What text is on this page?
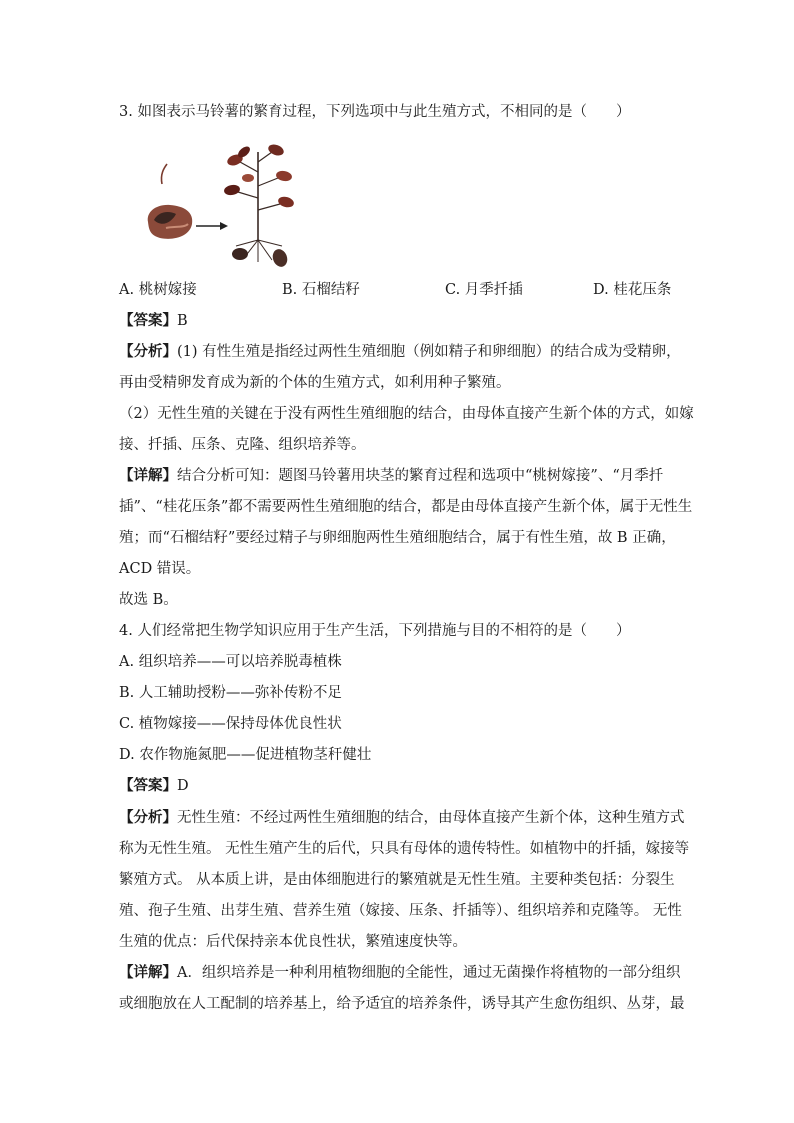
3. 如图表示马铃薯的繁育过程，下列选项中与此生殖方式，不相同的是（　　）
A. 桃树嫁接	B. 石榴结籽	C. 月季扦插	D. 桂花压条
【答案】B
【分析】(1) 有性生殖是指经过两性生殖细胞（例如精子和卵细胞）的结合成为受精卵，
再由受精卵发育成为新的个体的生殖方式，如利用种子繁殖。
（2）无性生殖的关键在于没有两性生殖细胞的结合，由母体直接产生新个体的方式，如嫁
接、扦插、压条、克隆、组织培养等。
【详解】结合分析可知：题图马铃薯用块茎的繁育过程和选项中“桃树嫁接”、“月季扦
插”、“桂花压条”都不需要两性生殖细胞的结合，都是由母体直接产生新个体，属于无性生
殖；而“石榴结籽”要经过精子与卵细胞两性生殖细胞结合，属于有性生殖，故 B 正确，
ACD 错误。
故选 B。
4. 人们经常把生物学知识应用于生产生活，下列措施与目的不相符的是（　　）
A. 组织培养——可以培养脱毒植株
B. 人工辅助授粉——弥补传粉不足
C. 植物嫁接——保持母体优良性状
D. 农作物施氮肥——促进植物茎秆健壮
【答案】D
【分析】无性生殖：不经过两性生殖细胞的结合，由母体直接产生新个体，这种生殖方式
称为无性生殖。 无性生殖产生的后代，只具有母体的遗传特性。如植物中的扦插，嫁接等
繁殖方式。 从本质上讲，是由体细胞进行的繁殖就是无性生殖。主要种类包括：分裂生
殖、孢子生殖、出芽生殖、营养生殖（嫁接、压条、扦插等）、组织培养和克隆等。 无性
生殖的优点：后代保持亲本优良性状，繁殖速度快等。
【详解】A．组织培养是一种利用植物细胞的全能性，通过无菌操作将植物的一部分组织
或细胞放在人工配制的培养基上，给予适宜的培养条件，诱导其产生愈伤组织、丛芽，最
